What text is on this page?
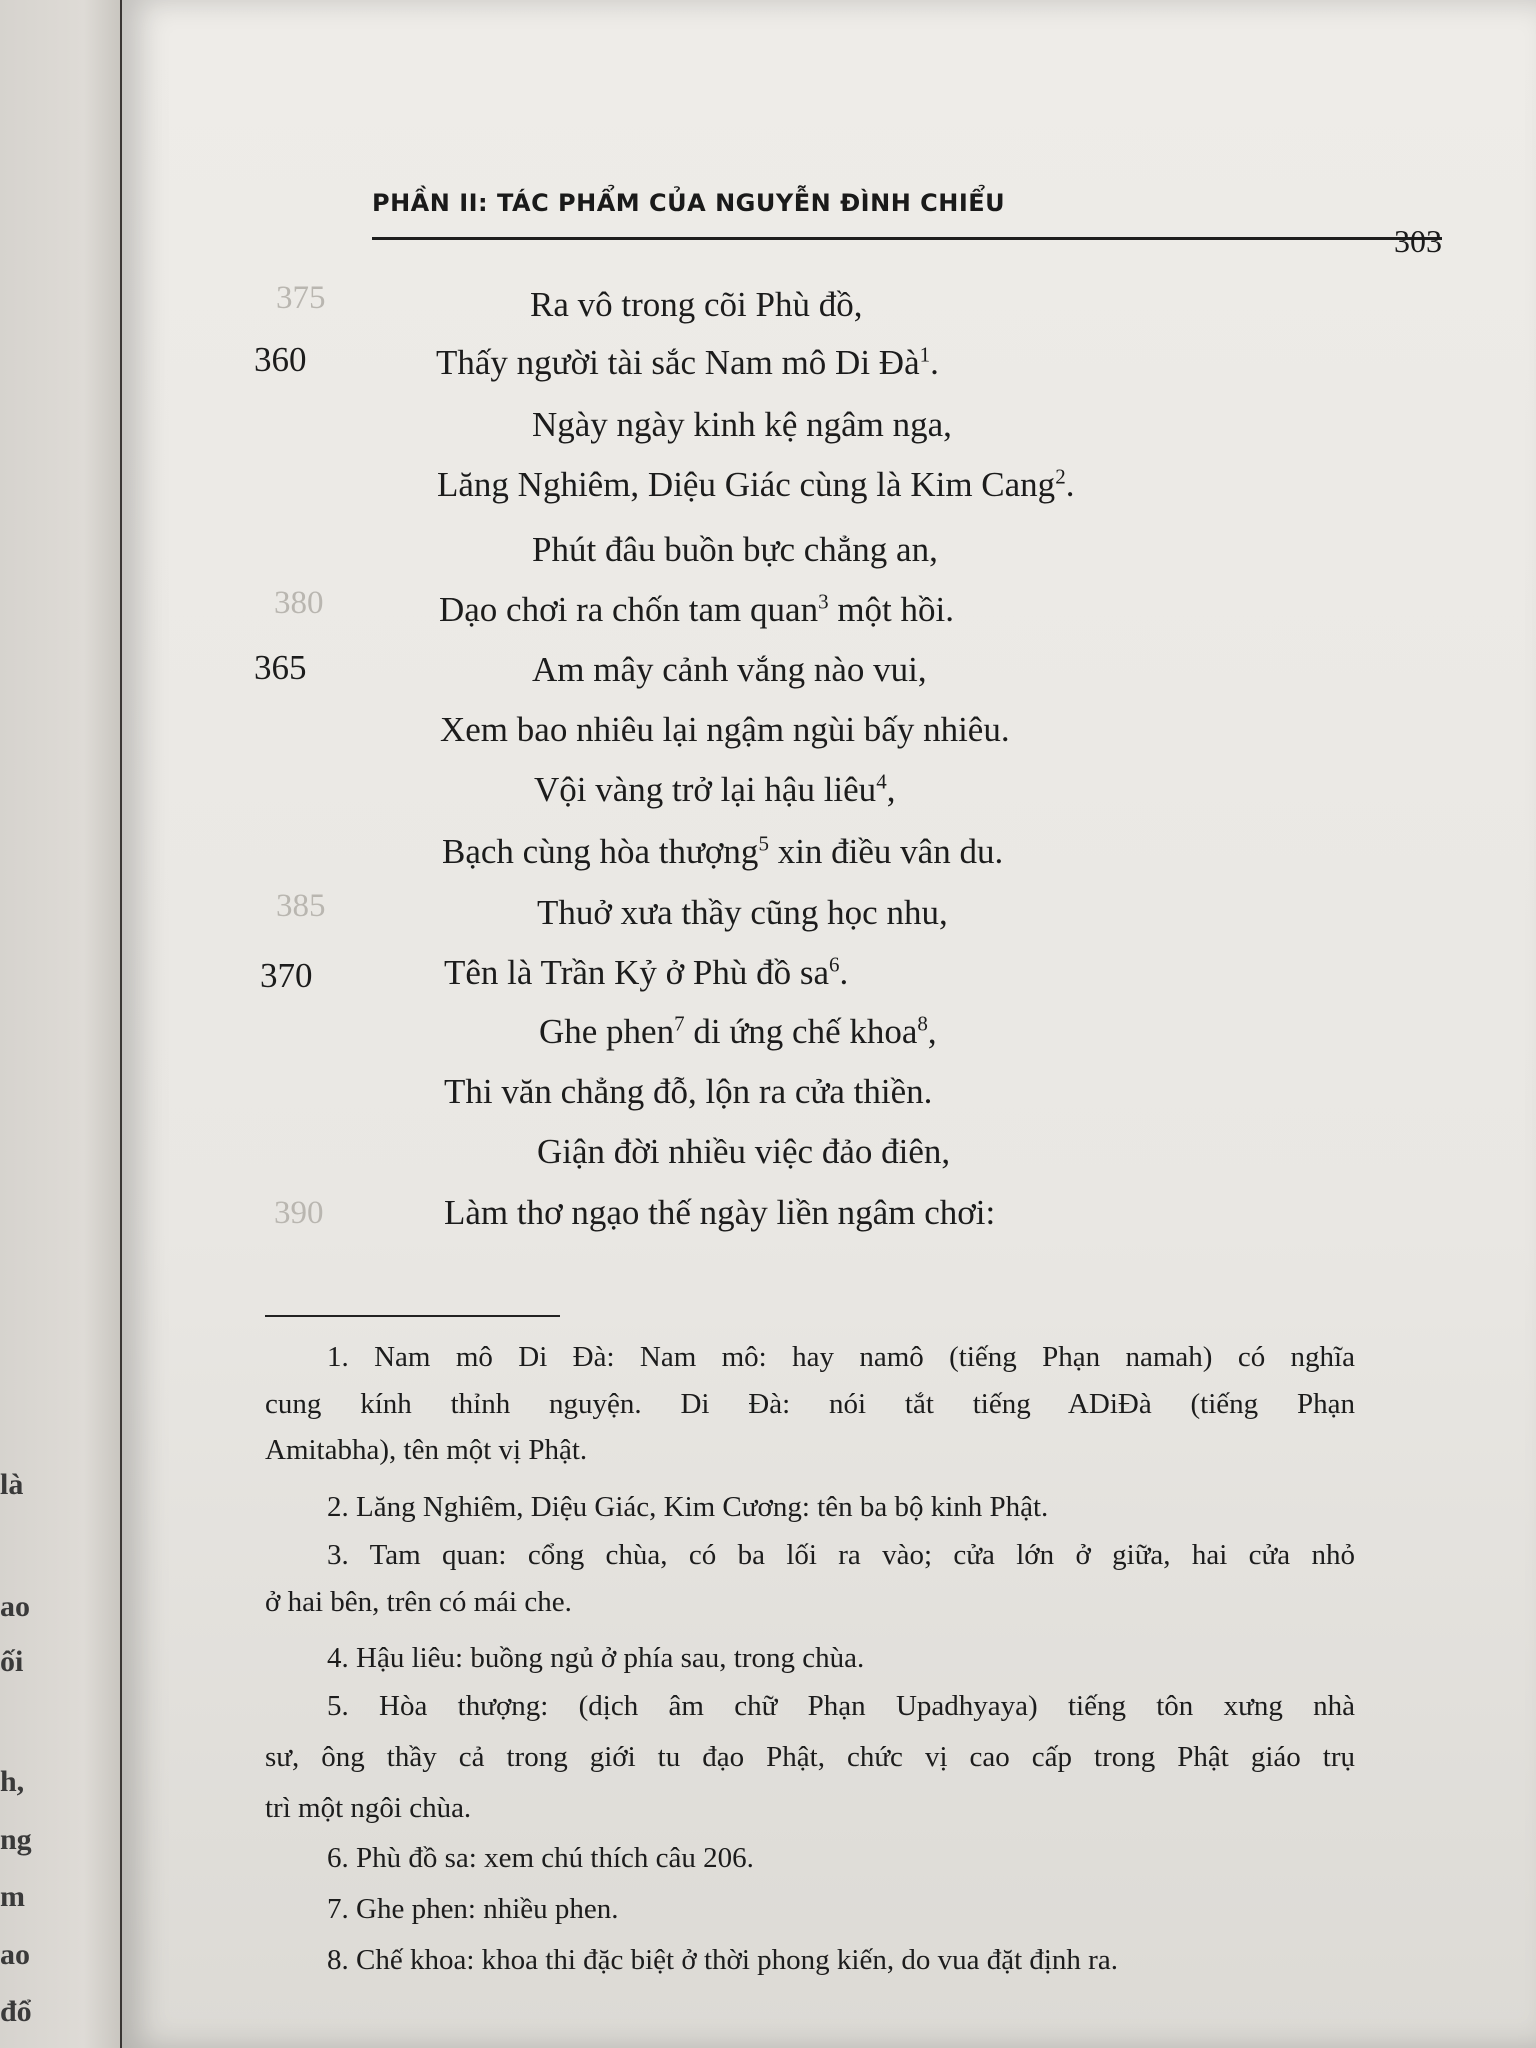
là
ao
ối
h,
ng
m
ao
đổ
PHẦN II: TÁC PHẨM CỦA NGUYỄN ĐÌNH CHIỂU
303
375
380
385
390
360
365
370
Ra vô trong cõi Phù đồ,
Thấy người tài sắc Nam mô Di $Đà^1$.
Ngày ngày kinh kệ ngâm nga,
Lăng Nghiêm, Diệu Giác cùng là Kim Cang$^2$.
Phút đâu buồn bực chẳng an,
Dạo chơi ra chốn tam quan$^3$ một hồi.
Am mây cảnh vắng nào vui,
Xem bao nhiêu lại ngậm ngùi bấy nhiêu.
Vội vàng trở lại hậu liêu$^4$,
Bạch cùng hòa thượng$^5$ xin điều vân du.
Thuở xưa thầy cũng học nhu,
Tên là Trần Kỷ ở Phù đồ $sa^6$.
Ghe phen$^7$ di ứng chế khoa$^8$,
Thi văn chẳng đỗ, lộn ra cửa thiền.
Giận đời nhiều việc đảo điên,
Làm thơ ngạo thế ngày liền ngâm chơi:
1. Nam mô Di Đà: Nam mô: hay namô (tiếng Phạn namah) có nghĩa
cung kính thỉnh nguyện. Di Đà: nói tắt tiếng ADiĐà (tiếng Phạn
Amitabha), tên một vị Phật.
2. Lăng Nghiêm, Diệu Giác, Kim Cương: tên ba bộ kinh Phật.
3. Tam quan: cổng chùa, có ba lối ra vào; cửa lớn ở giữa, hai cửa nhỏ
ở hai bên, trên có mái che.
4. Hậu liêu: buồng ngủ ở phía sau, trong chùa.
5. Hòa thượng: (dịch âm chữ Phạn Upadhyaya) tiếng tôn xưng nhà
sư, ông thầy cả trong giới tu đạo Phật, chức vị cao cấp trong Phật giáo trụ
trì một ngôi chùa.
6. Phù đồ sa: xem chú thích câu 206.
7. Ghe phen: nhiều phen.
8. Chế khoa: khoa thi đặc biệt ở thời phong kiến, do vua đặt định ra.
